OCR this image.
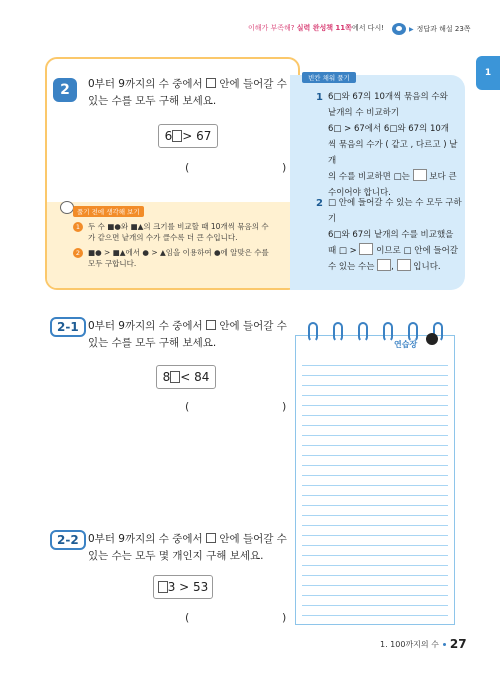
이해가 부족해? 실력 완성책 11쪽에서 다시!	▶ 정답과 해설 23쪽
1
2	0부터 9까지의 수 중에서 안에 들어갈 수
있는 수를 모두 구해 보세요.
6 > 67
(	)
풀기 전에 생각해 보기
1	두 수 ■●와 ■▲의 크기를 비교할 때 10개씩 묶음의 수
가 같으면 낱개의 수가 클수록 더 큰 수입니다.
2	■● > ■▲에서 ● > ▲임을 이용하여 ●에 알맞은 수를
모두 구합니다.
빈칸 채워 풀기
1 6□와 67의 10개씩 묶음의 수와
낱개의 수 비교하기
6□ > 67에서 6□와 67의 10개
씩 묶음의 수가 ( 같고 , 다르고 ) 낱개
의 수를 비교하면 □는 보다 큰
수이어야 합니다.
2 □ 안에 들어갈 수 있는 수 모두 구하기
6□와 67의 낱개의 수를 비교했을
때 □ > 이므로 □ 안에 들어갈
수 있는 수는 , 입니다.
2-1 0부터 9까지의 수 중에서 안에 들어갈 수
있는 수를 모두 구해 보세요.
8 < 84
(	)
2-2 0부터 9까지의 수 중에서 안에 들어갈 수
있는 수는 모두 몇 개인지 구해 보세요.
3 > 53
(	)
연습장
1. 100까지의 수 27
